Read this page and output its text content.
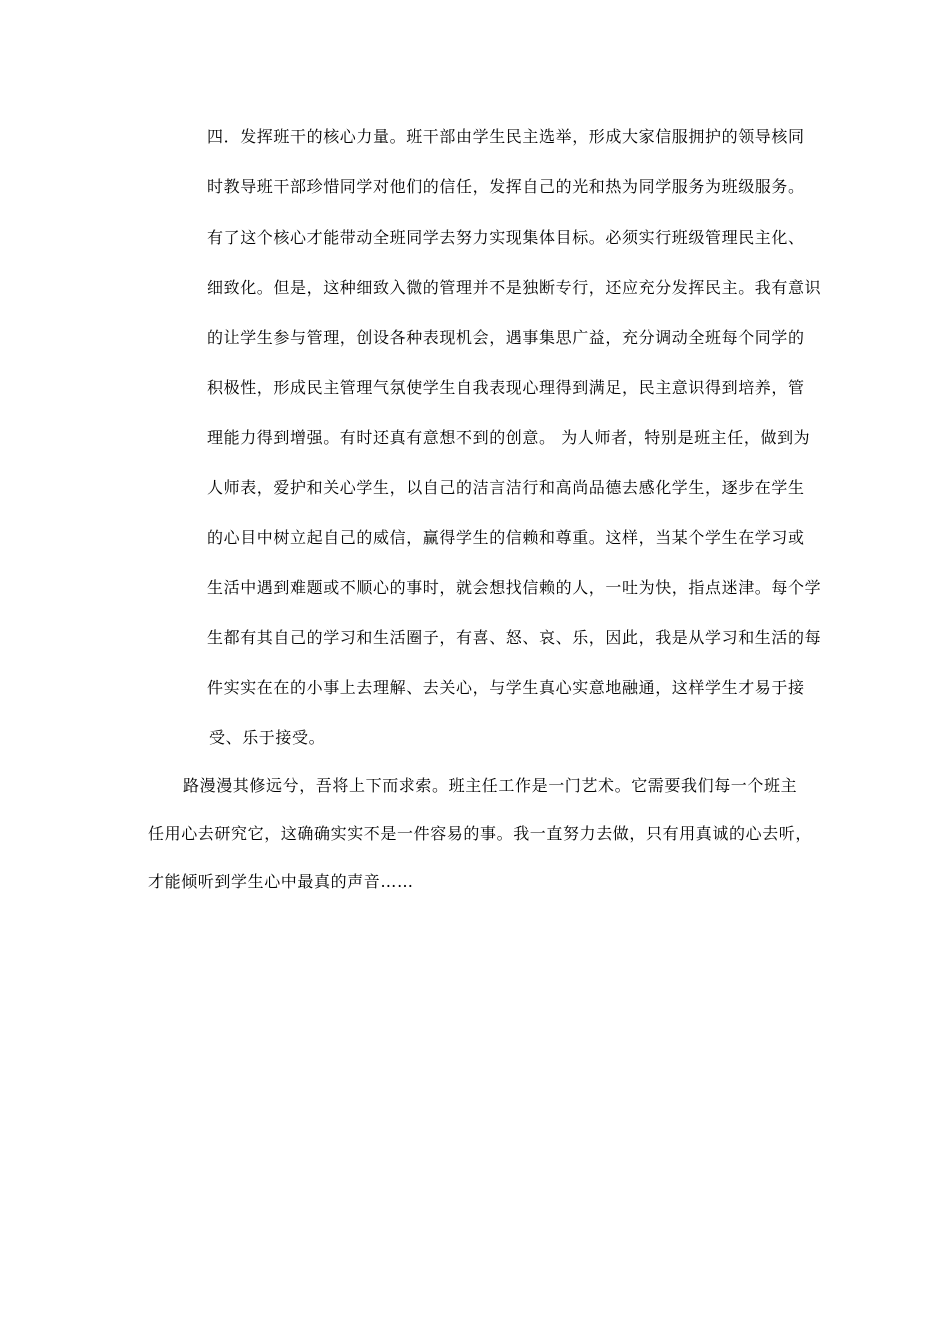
四．发挥班干的核心力量。班干部由学生民主选举，形成大家信服拥护的领导核同

时教导班干部珍惜同学对他们的信任，发挥自己的光和热为同学服务为班级服务。

有了这个核心才能带动全班同学去努力实现集体目标。必须实行班级管理民主化、

细致化。但是，这种细致入微的管理并不是独断专行，还应充分发挥民主。我有意识

的让学生参与管理，创设各种表现机会，遇事集思广益，充分调动全班每个同学的

积极性，形成民主管理气氛使学生自我表现心理得到满足，民主意识得到培养，管

理能力得到增强。有时还真有意想不到的创意。 为人师者，特别是班主任，做到为

人师表，爱护和关心学生，以自己的洁言洁行和高尚品德去感化学生，逐步在学生

的心目中树立起自己的威信，赢得学生的信赖和尊重。这样，当某个学生在学习或

生活中遇到难题或不顺心的事时，就会想找信赖的人，一吐为快，指点迷津。每个学

生都有其自己的学习和生活圈子，有喜、怒、哀、乐，因此，我是从学习和生活的每

件实实在在的小事上去理解、去关心，与学生真心实意地融通，这样学生才易于接

受、乐于接受。

路漫漫其修远兮，吾将上下而求索。班主任工作是一门艺术。它需要我们每一个班主

任用心去研究它，这确确实实不是一件容易的事。我一直努力去做，只有用真诚的心去听，

才能倾听到学生心中最真的声音……
